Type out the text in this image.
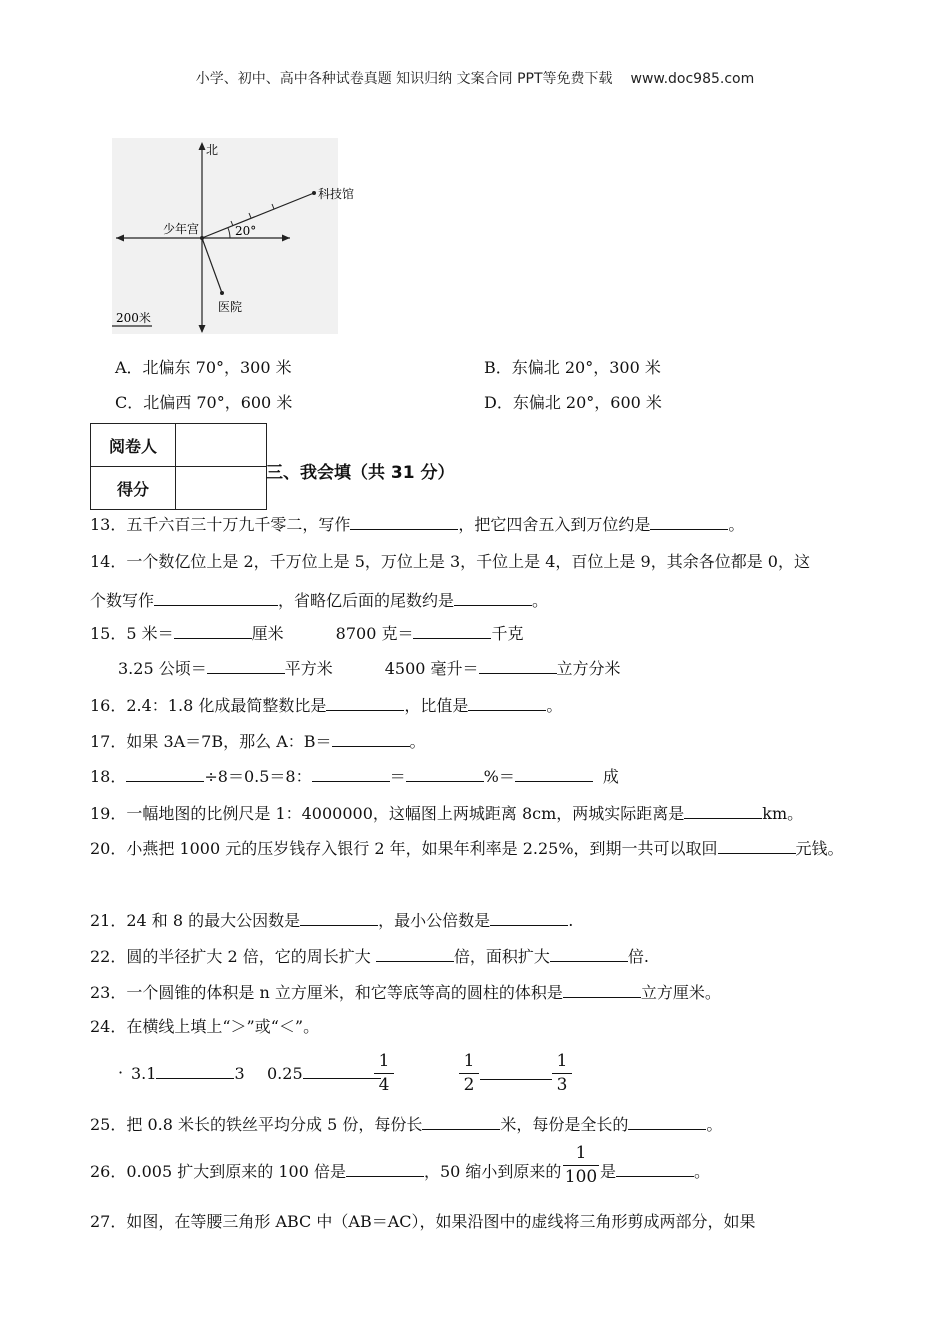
小学、初中、高中各种试卷真题 知识归纳 文案合同 PPT等免费下载 www.doc985.com
北
科技馆
少年宫	20°
医院
200米
A．北偏东 70°，300 米	B．东偏北 20°，300 米
C．北偏西 70°，600 米	D．东偏北 20°，600 米
阅卷人	
得分	
三、我会填（共 31 分）
13．五千六百三十万九千零二，写作	，把它四舍五入到万位约是	。
14．一个数亿位上是 2，千万位上是 5，万位上是 3，千位上是 4，百位上是 9，其余各位都是 0，这
个数写作	，省略亿后面的尾数约是	。
15．5 米＝	厘米	8700 克＝	千克
3.25 公顷＝	平方米	4500 毫升＝	立方分米
16．2.4：1.8 化成最简整数比是	，比值是	。
17．如果 3A＝7B，那么 A：B＝	。
18．	÷8＝0.5＝8：	＝	%＝	成
19．一幅地图的比例尺是 1：4000000，这幅图上两城距离 8cm，两城实际距离是	km。
20．小燕把 1000 元的压岁钱存入银行 2 年，如果年利率是 2.25%，到期一共可以取回	元钱。
21．24 和 8 的最大公因数是	，最小公倍数是	.
22．圆的半径扩大 2 倍，它的周长扩大	倍，面积扩大	倍.
23．一个圆锥的体积是 n 立方厘米，和它等底等高的圆柱的体积是	立方厘米。
24．在横线上填上“＞”或“＜”。
· 3.1	3 0.25
1
4
1
2
1
3
25．把 0.8 米长的铁丝平均分成 5 份，每份长	米，每份是全长的	。
26．0.005 扩大到原来的 100 倍是	，50 缩小到原来的
1
100 是	。
27．如图，在等腰三角形 ABC 中（AB＝AC），如果沿图中的虚线将三角形剪成两部分，如果
